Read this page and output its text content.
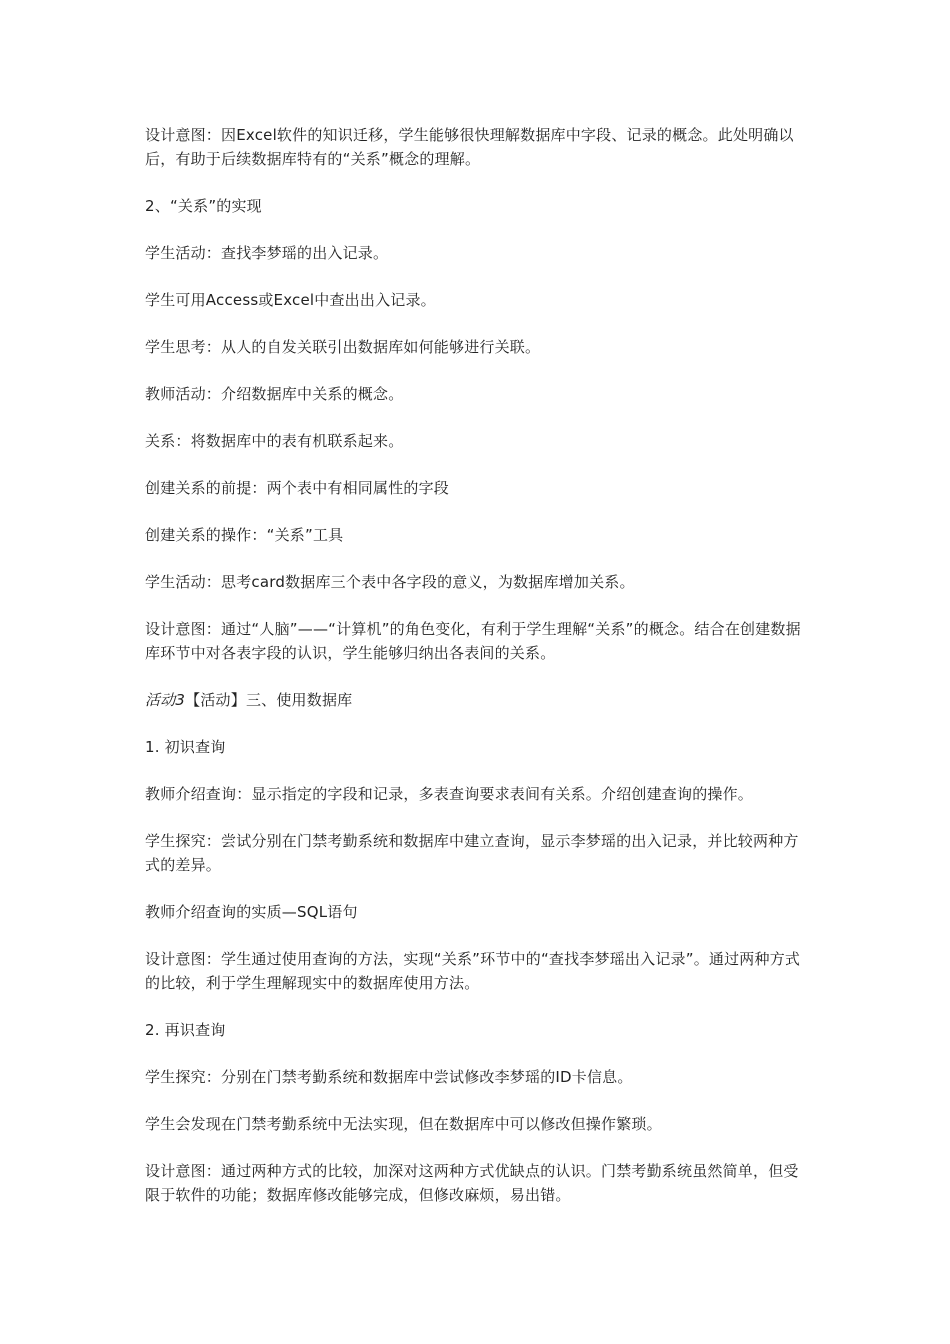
设计意图：因Excel软件的知识迁移，学生能够很快理解数据库中字段、记录的概念。此处明确以后，有助于后续数据库特有的“关系”概念的理解。

2、“关系”的实现

学生活动：查找李梦瑶的出入记录。

学生可用Access或Excel中查出出入记录。

学生思考：从人的自发关联引出数据库如何能够进行关联。

教师活动：介绍数据库中关系的概念。

关系：将数据库中的表有机联系起来。

创建关系的前提：两个表中有相同属性的字段

创建关系的操作：“关系”工具

学生活动：思考card数据库三个表中各字段的意义，为数据库增加关系。

设计意图：通过“人脑”——“计算机”的角色变化，有利于学生理解“关系”的概念。结合在创建数据库环节中对各表字段的认识，学生能够归纳出各表间的关系。

活动3【活动】三、使用数据库

1. 初识查询

教师介绍查询：显示指定的字段和记录，多表查询要求表间有关系。介绍创建查询的操作。

学生探究：尝试分别在门禁考勤系统和数据库中建立查询，显示李梦瑶的出入记录，并比较两种方式的差异。

教师介绍查询的实质—SQL语句

设计意图：学生通过使用查询的方法，实现“关系”环节中的“查找李梦瑶出入记录”。通过两种方式的比较，利于学生理解现实中的数据库使用方法。

2. 再识查询

学生探究：分别在门禁考勤系统和数据库中尝试修改李梦瑶的ID卡信息。

学生会发现在门禁考勤系统中无法实现，但在数据库中可以修改但操作繁琐。

设计意图：通过两种方式的比较，加深对这两种方式优缺点的认识。门禁考勤系统虽然简单，但受限于软件的功能；数据库修改能够完成，但修改麻烦，易出错。
